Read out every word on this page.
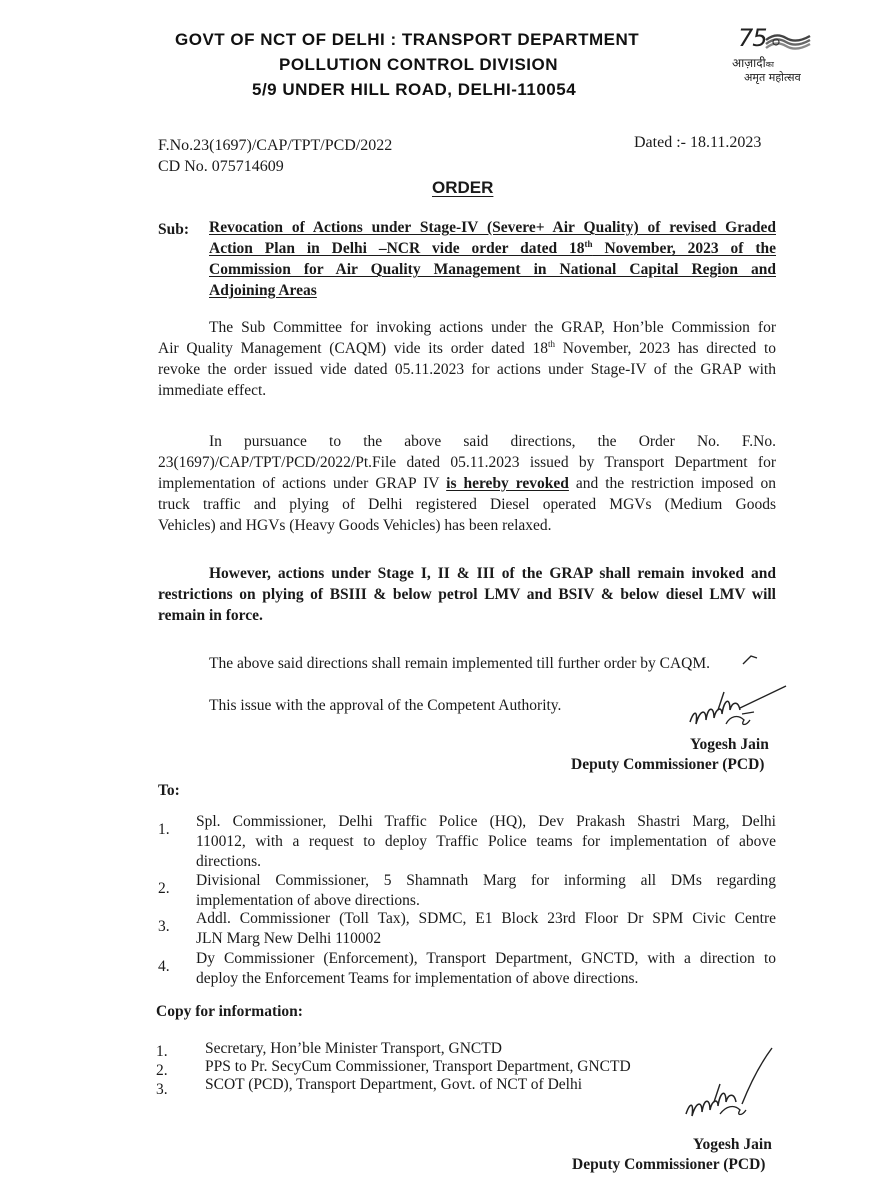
GOVT OF NCT OF DELHI : TRANSPORT DEPARTMENT
POLLUTION CONTROL DIVISION
5/9 UNDER HILL ROAD, DELHI-110054
75
आज़ादीका
अमृत महोत्सव
F.No.23(1697)/CAP/TPT/PCD/2022
CD No. 075714609
Dated :- 18.11.2023
ORDER
Sub: Revocation of Actions under Stage-IV (Severe+ Air Quality) of revised Graded
Action Plan in Delhi –NCR vide order dated 18th November, 2023 of the
Commission for Air Quality Management in National Capital Region and
Adjoining Areas
The Sub Committee for invoking actions under the GRAP, Hon’ble Commission for
Air Quality Management (CAQM) vide its order dated 18th November, 2023 has directed to
revoke the order issued vide dated 05.11.2023 for actions under Stage-IV of the GRAP with
immediate effect.
In pursuance to the above said directions, the Order No. F.No.
23(1697)/CAP/TPT/PCD/2022/Pt.File dated 05.11.2023 issued by Transport Department for
implementation of actions under GRAP IV is hereby revoked and the restriction imposed on
truck traffic and plying of Delhi registered Diesel operated MGVs (Medium Goods
Vehicles) and HGVs (Heavy Goods Vehicles) has been relaxed.
However, actions under Stage I, II & III of the GRAP shall remain invoked and
restrictions on plying of BSIII & below petrol LMV and BSIV & below diesel LMV will
remain in force.
The above said directions shall remain implemented till further order by CAQM.
This issue with the approval of the Competent Authority.
Yogesh Jain
Deputy Commissioner (PCD)
To:
1. Spl. Commissioner, Delhi Traffic Police (HQ), Dev Prakash Shastri Marg, Delhi
110012, with a request to deploy Traffic Police teams for implementation of above
directions.
2. Divisional Commissioner, 5 Shamnath Marg for informing all DMs regarding
implementation of above directions.
3. Addl. Commissioner (Toll Tax), SDMC, E1 Block 23rd Floor Dr SPM Civic Centre
JLN Marg New Delhi 110002
4. Dy Commissioner (Enforcement), Transport Department, GNCTD, with a direction to
deploy the Enforcement Teams for implementation of above directions.
Copy for information:
1. Secretary, Hon’ble Minister Transport, GNCTD
2. PPS to Pr. SecyCum Commissioner, Transport Department, GNCTD
3. SCOT (PCD), Transport Department, Govt. of NCT of Delhi
Yogesh Jain
Deputy Commissioner (PCD)
